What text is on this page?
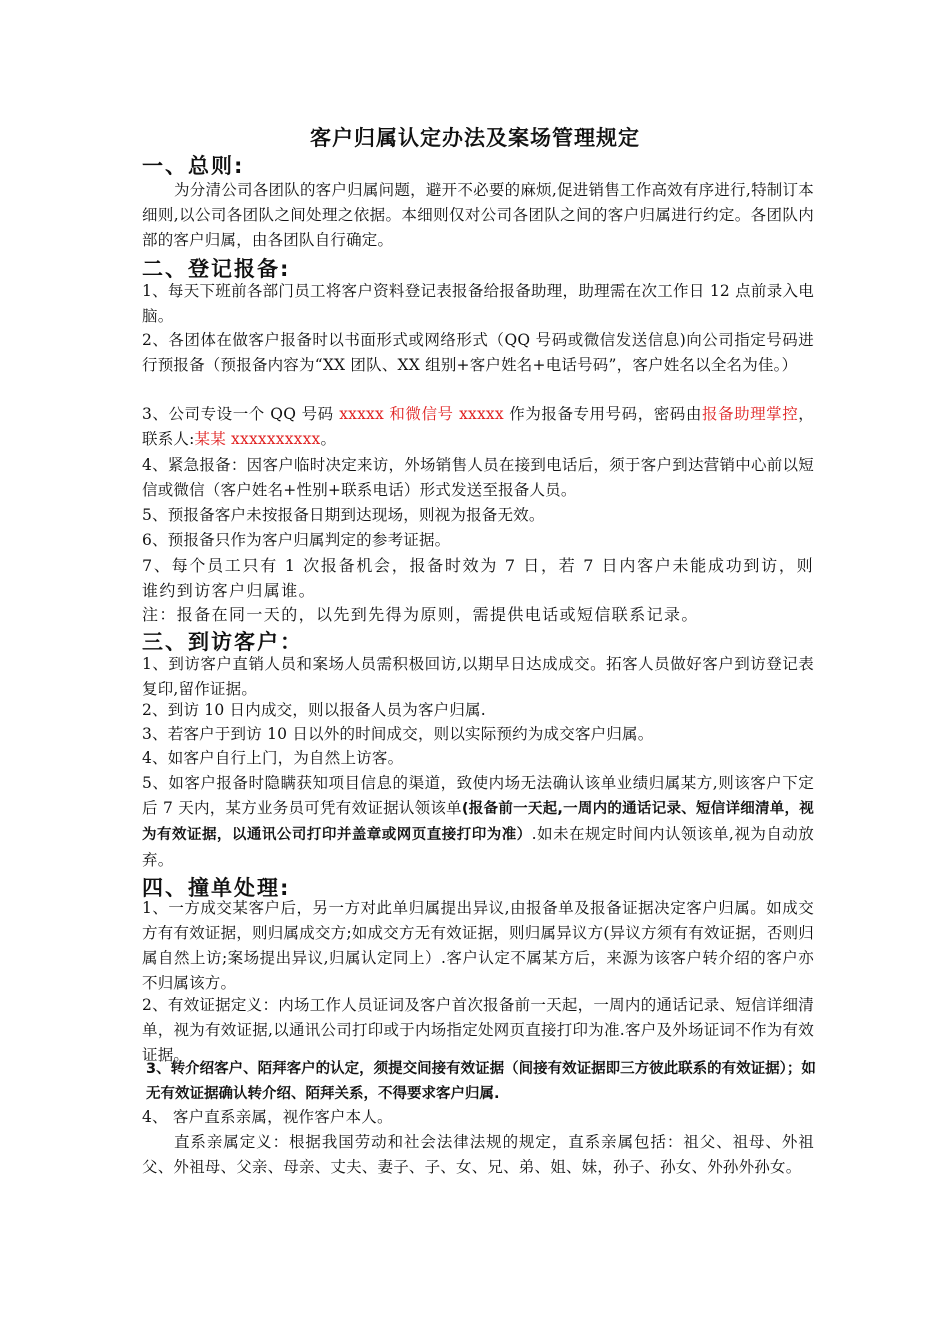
客户归属认定办法及案场管理规定
一、总则:
为分清公司各团队的客户归属问题，避开不必要的麻烦,促进销售工作高效有序进行,特制订本细则,以公司各团队之间处理之依据。本细则仅对公司各团队之间的客户归属进行约定。各团队内部的客户归属，由各团队自行确定。
二、登记报备:
1、每天下班前各部门员工将客户资料登记表报备给报备助理，助理需在次工作日 12 点前录入电脑。
2、各团体在做客户报备时以书面形式或网络形式（QQ 号码或微信发送信息)向公司指定号码进行预报备（预报备内容为“XX 团队、XX 组别+客户姓名+电话号码”，客户姓名以全名为佳。）
3、公司专设一个 QQ 号码 xxxxx 和微信号 xxxxx 作为报备专用号码，密码由报备助理掌控，联系人:某某 xxxxxxxxxx。
4、紧急报备：因客户临时决定来访，外场销售人员在接到电话后，须于客户到达营销中心前以短信或微信（客户姓名+性别+联系电话）形式发送至报备人员。
5、预报备客户未按报备日期到达现场，则视为报备无效。
6、预报备只作为客户归属判定的参考证据。
7、每个员工只有 1 次报备机会，报备时效为 7 日，若 7 日内客户未能成功到访，则谁约到访客户归属谁。
注：报备在同一天的，以先到先得为原则，需提供电话或短信联系记录。
三、到访客户：
1、到访客户直销人员和案场人员需积极回访,以期早日达成成交。拓客人员做好客户到访登记表复印,留作证据。
2、到访 10 日内成交，则以报备人员为客户归属.
3、若客户于到访 10 日以外的时间成交，则以实际预约为成交客户归属。
4、如客户自行上门，为自然上访客。
5、如客户报备时隐瞒获知项目信息的渠道，致使内场无法确认该单业绩归属某方,则该客户下定后 7 天内，某方业务员可凭有效证据认领该单(报备前一天起,一周内的通话记录、短信详细清单，视为有效证据，以通讯公司打印并盖章或网页直接打印为准）.如未在规定时间内认领该单,视为自动放弃。
四、撞单处理:
1、一方成交某客户后，另一方对此单归属提出异议,由报备单及报备证据决定客户归属。如成交方有有效证据，则归属成交方;如成交方无有效证据，则归属异议方(异议方须有有效证据，否则归属自然上访;案场提出异议,归属认定同上）.客户认定不属某方后，来源为该客户转介绍的客户亦不归属该方。
2、有效证据定义：内场工作人员证词及客户首次报备前一天起，一周内的通话记录、短信详细清单，视为有效证据,以通讯公司打印或于内场指定处网页直接打印为准.客户及外场证词不作为有效证据。
3、转介绍客户、陌拜客户的认定，须提交间接有效证据（间接有效证据即三方彼此联系的有效证据）；如无有效证据确认转介绍、陌拜关系，不得要求客户归属.
4、 客户直系亲属，视作客户本人。
直系亲属定义：根据我国劳动和社会法律法规的规定，直系亲属包括：祖父、祖母、外祖父、外祖母、父亲、母亲、丈夫、妻子、子、女、兄、弟、姐、妹，孙子、孙女、外孙外孙女。
